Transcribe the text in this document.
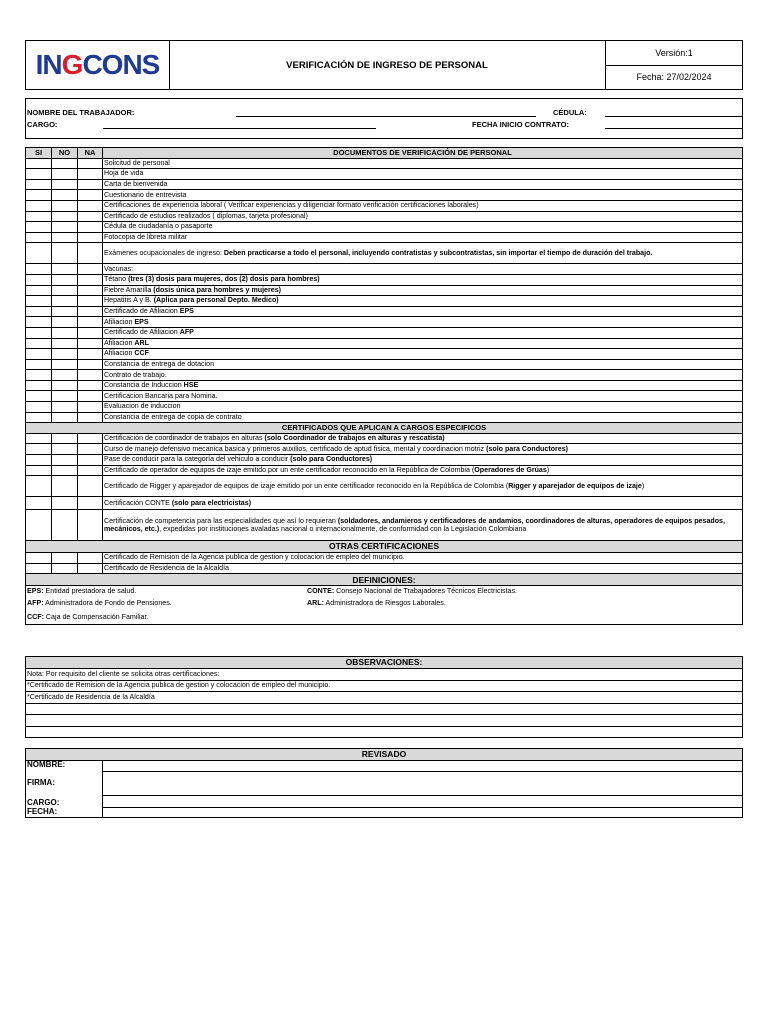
INGCONS	VERIFICACIÓN DE INGRESO DE PERSONAL
Versión:1
Fecha: 27/02/2024
NOMBRE DEL TRABAJADOR:	CÉDULA:
CARGO:	FECHA INICIO CONTRATO:
SI	NO	NA	DOCUMENTOS DE VERIFICACIÓN DE PERSONAL
			Solicitud de personal
			Hoja de vida
			Carta de bienvenida
			Cuestionario de entrevista
			Certificaciones de experiencia laboral ( Verificar experiencias y diligenciar formato verificación certificaciones laborales)
			Certificado de estudios realizados ( diplomas, tarjeta profesional)
			Cédula de ciudadanía o pasaporte
			Fotocopia de libreta militar
			Exámenes ocupacionales de ingreso: Deben practicarse a todo el personal, incluyendo contratistas y subcontratistas, sin importar el tiempo de duración del trabajo.
			Vacunas:
			Tétano (tres (3) dosis para mujeres, dos (2) dosis para hombres)
			Fiebre Amarilla (dosis única para hombres y mujeres)
			Hepatitis A y B. (Aplica para personal Depto. Medico)
			Certificado de Afiliacion EPS
			Afiliacion EPS
			Certificado de Afiliacion AFP
			Afiliacion ARL
			Afiliacion CCF
			Constancia de entrega de dotacion
			Contrato de trabajo.
			Constancia de Induccion HSE
			Certificacion Bancaria para Nomina.
			Evaluacion de induccion
			Constancia de entrega de copia de contrato
CERTIFICADOS QUE APLICAN A CARGOS ESPECIFICOS			
			Certificación de coordinador de trabajos en alturas (solo Coordinador de trabajos en alturas y rescatista)
			Curso de manejo defensivo mecanica basica y primeros auxilios, certificado de aptud fisica, mental y coordinacion motriz (solo para Conductores)
			Pase de conducir para la categoría del vehiculo a conducir (solo para Conductores)
			Certificado de operador de equipos de izaje emitido por un ente certificador reconocido en la República de Colombia (Operadores de Grúas)
			Certificado de Rigger y aparejador de equipos de izaje emitido por un ente certificador reconocido en la República de Colombia (Rigger y aparejador de equipos de izaje)
			Certificación CONTE (solo para electricistas)
			Certificación de competencia para las especialidades que así lo requieran (soldadores, andamieros y certificadores de andamios, coordinadores de alturas, operadores de equipos pesados, mecánicos, etc.), expedidas por instituciones avaladas nacional o internacionalmente, de conformidad con la Legislación Colombiana
OTRAS CERTIFICACIONES			
			Certificado de Remision de la Agencia publica de gestion y colocacion de empleo del municipio.
			Certificado de Residencia de la Alcaldía
DEFINICIONES:			

EPS: Entidad prestadora de salud.
AFP: Administradora de Fondo de Pensiones.
CCF: Caja de Compensación Familiar.
CONTE: Consejo Nacional de Trabajadores Técnicos Electricistas.
ARL: Administradora de Riesgos Laborales.			
OBSERVACIONES:
Nota: Por requisito del cliente se solicita otras certificaciones:
*Certificado de Remision de la Agencia publica de gestion y colocacion de empleo del municipio.
*Certificado de Residencia de la Alcaldía

REVISADO	
NOMBRE:	
FIRMA:	
CARGO:	
FECHA:	
